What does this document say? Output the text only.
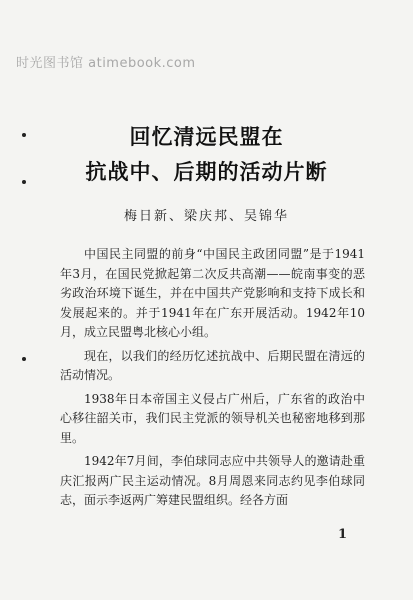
时光图书馆 atimebook.com
回忆清远民盟在
抗战中、后期的活动片断
梅日新、梁庆邦、吴锦华

中国民主同盟的前身“中国民主政团同盟”是于1941年3月，在国民党掀起第二次反共高潮——皖南事变的恶劣政治环境下诞生，并在中国共产党影响和支持下成长和发展起来的。并于1941年在广东开展活动。1942年10月，成立民盟粤北核心小组。

现在，以我们的经历忆述抗战中、后期民盟在清远的活动情况。

1938年日本帝国主义侵占广州后，广东省的政治中心移往韶关市，我们民主党派的领导机关也秘密地移到那里。

1942年7月间，李伯球同志应中共领导人的邀请赴重庆汇报两广民主运动情况。8月周恩来同志约见李伯球同志，面示李返两广筹建民盟组织。经各方面

1
